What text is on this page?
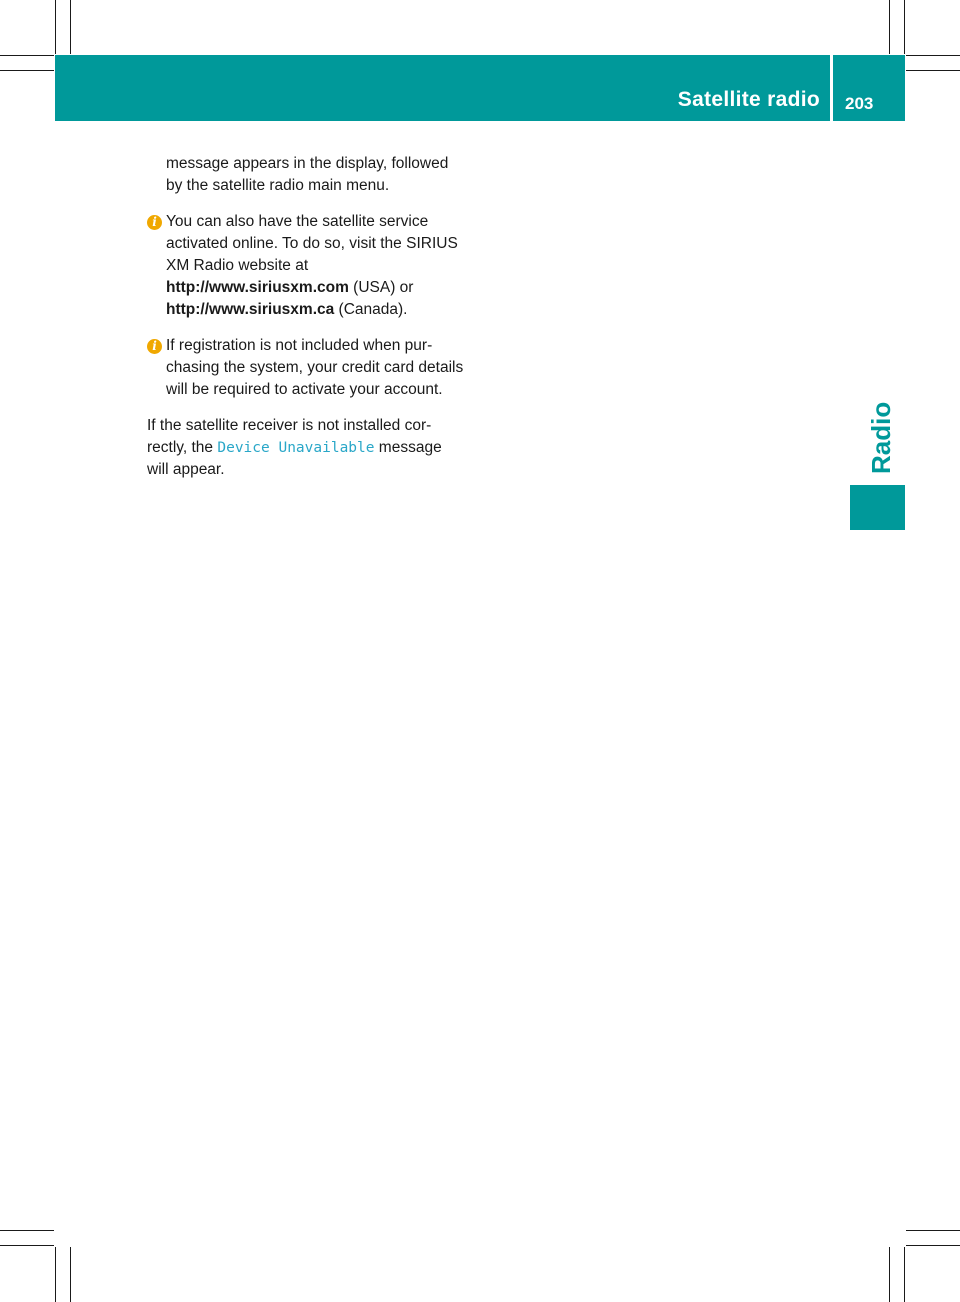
Satellite radio 203
Radio

message appears in the display, followed
by the satellite radio main menu.

i You can also have the satellite service
activated online. To do so, visit the SIRIUS
XM Radio website at
http://www.siriusxm.com (USA) or
http://www.siriusxm.ca (Canada).
i If registration is not included when pur-
chasing the system, your credit card details
will be required to activate your account.

If the satellite receiver is not installed cor-
rectly, the Device Unavailable message
will appear.
